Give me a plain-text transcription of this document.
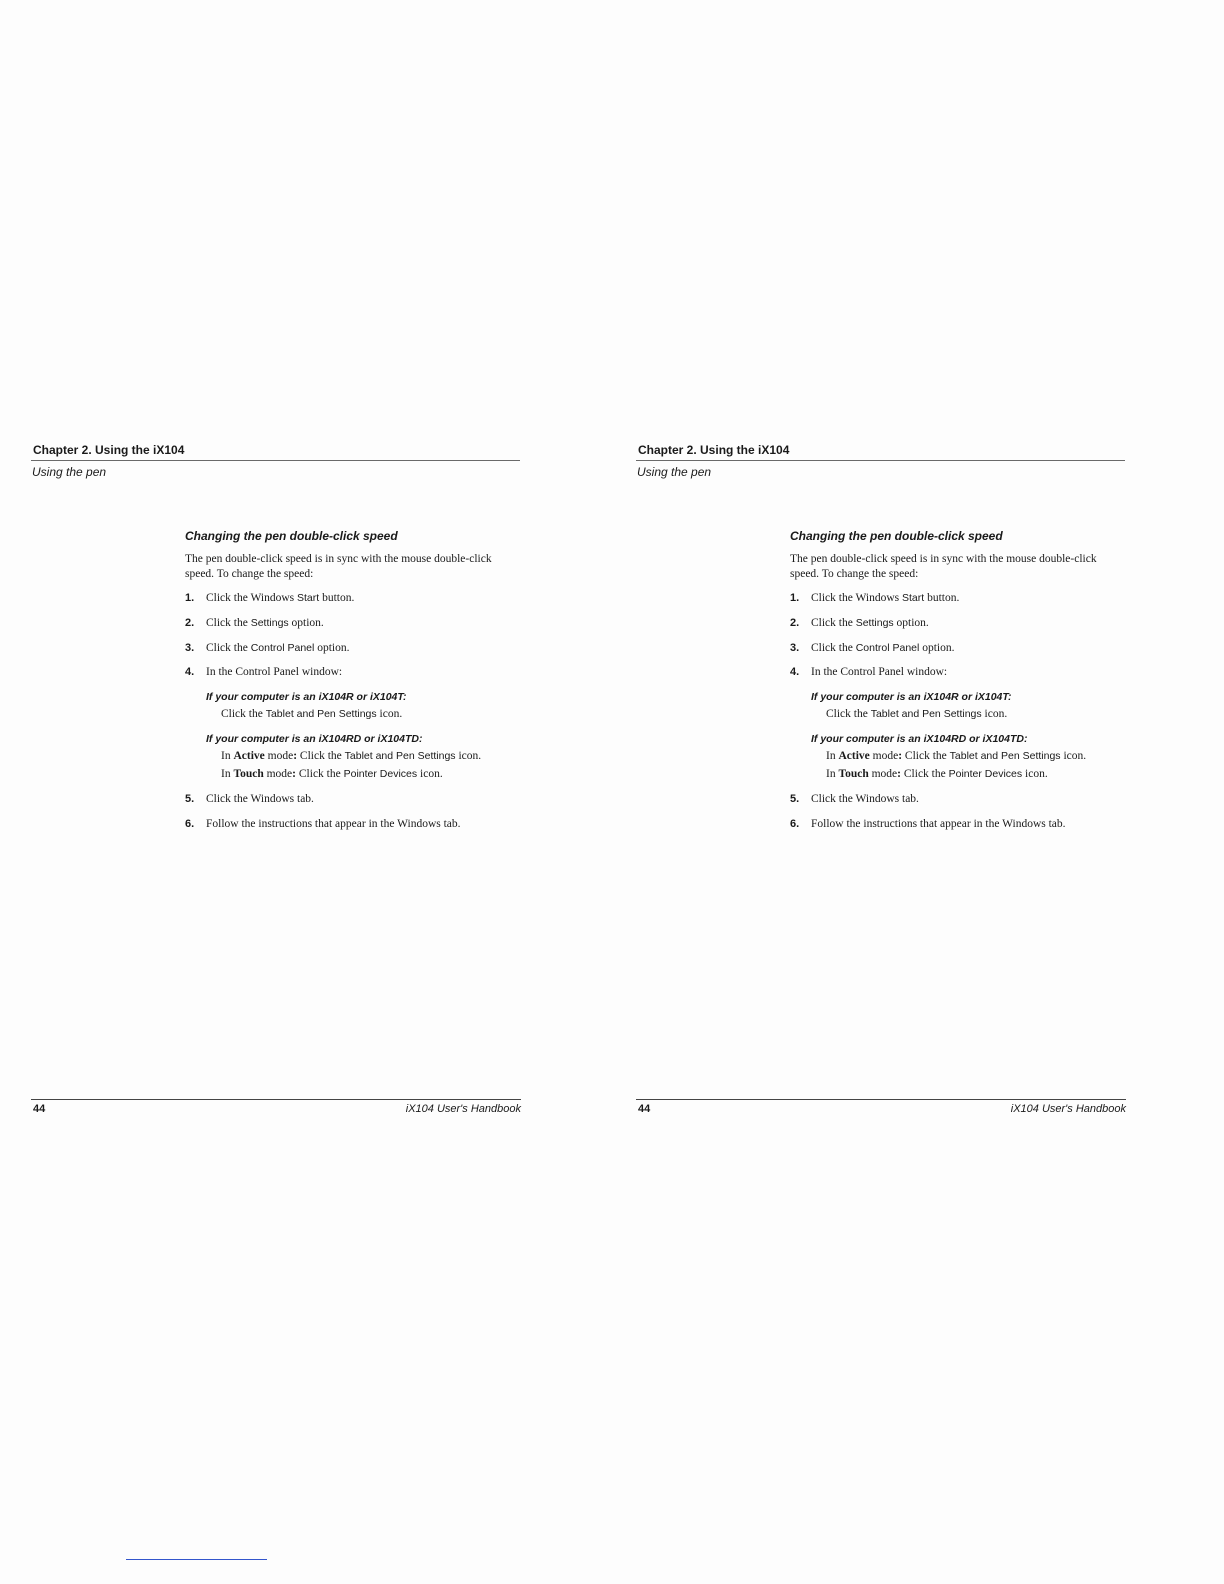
Chapter 2. Using the iX104
Using the pen
Changing the pen double-click speed

The pen double-click speed is in sync with the mouse double-click speed. To change the speed:

1. Click the Windows Start button.
2. Click the Settings option.
3. Click the Control Panel option.
4. In the Control Panel window:
If your computer is an iX104R or iX104T:
Click the Tablet and Pen Settings icon.
If your computer is an iX104RD or iX104TD:
In Active mode: Click the Tablet and Pen Settings icon.
In Touch mode: Click the Pointer Devices icon.
5. Click the Windows tab.
6. Follow the instructions that appear in the Windows tab.
44	iX104 User's Handbook
Chapter 2. Using the iX104
Using the pen
Changing the pen double-click speed

The pen double-click speed is in sync with the mouse double-click speed. To change the speed:

1. Click the Windows Start button.
2. Click the Settings option.
3. Click the Control Panel option.
4. In the Control Panel window:
If your computer is an iX104R or iX104T:
Click the Tablet and Pen Settings icon.
If your computer is an iX104RD or iX104TD:
In Active mode: Click the Tablet and Pen Settings icon.
In Touch mode: Click the Pointer Devices icon.
5. Click the Windows tab.
6. Follow the instructions that appear in the Windows tab.
44	iX104 User's Handbook
